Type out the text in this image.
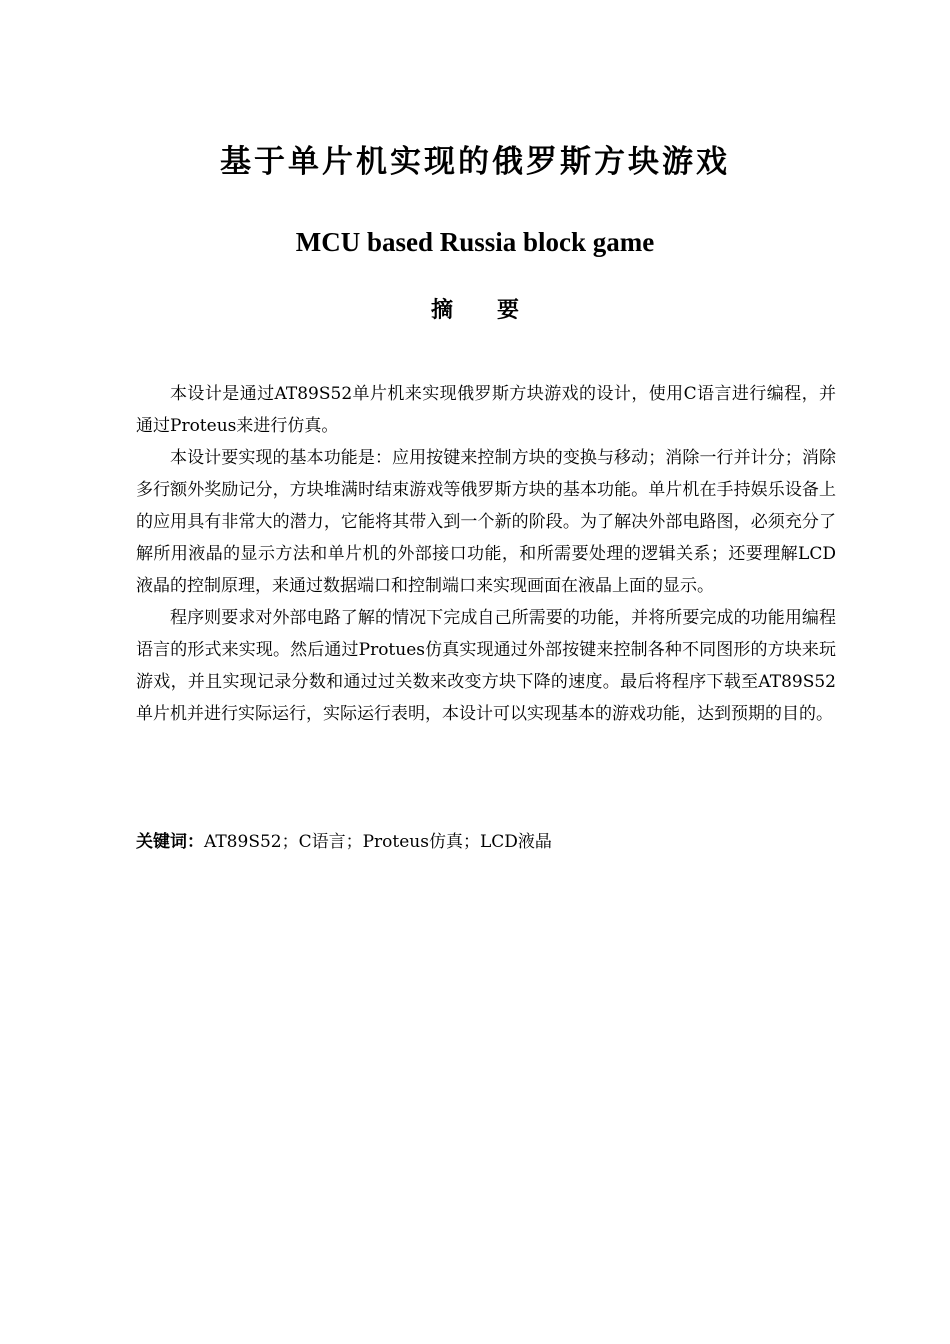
基于单片机实现的俄罗斯方块游戏
MCU based Russia block game
摘 要

本设计是通过AT89S52单片机来实现俄罗斯方块游戏的设计，使用C语言进行编程，并通过Proteus来进行仿真。

本设计要实现的基本功能是：应用按键来控制方块的变换与移动；消除一行并计分；消除多行额外奖励记分，方块堆满时结束游戏等俄罗斯方块的基本功能。单片机在手持娱乐设备上的应用具有非常大的潜力，它能将其带入到一个新的阶段。为了解决外部电路图，必须充分了解所用液晶的显示方法和单片机的外部接口功能，和所需要处理的逻辑关系；还要理解LCD液晶的控制原理，来通过数据端口和控制端口来实现画面在液晶上面的显示。

程序则要求对外部电路了解的情况下完成自己所需要的功能，并将所要完成的功能用编程语言的形式来实现。然后通过Protues仿真实现通过外部按键来控制各种不同图形的方块来玩游戏，并且实现记录分数和通过过关数来改变方块下降的速度。最后将程序下载至AT89S52单片机并进行实际运行，实际运行表明，本设计可以实现基本的游戏功能，达到预期的目的。

关键词：AT89S52；C语言；Proteus仿真；LCD液晶
